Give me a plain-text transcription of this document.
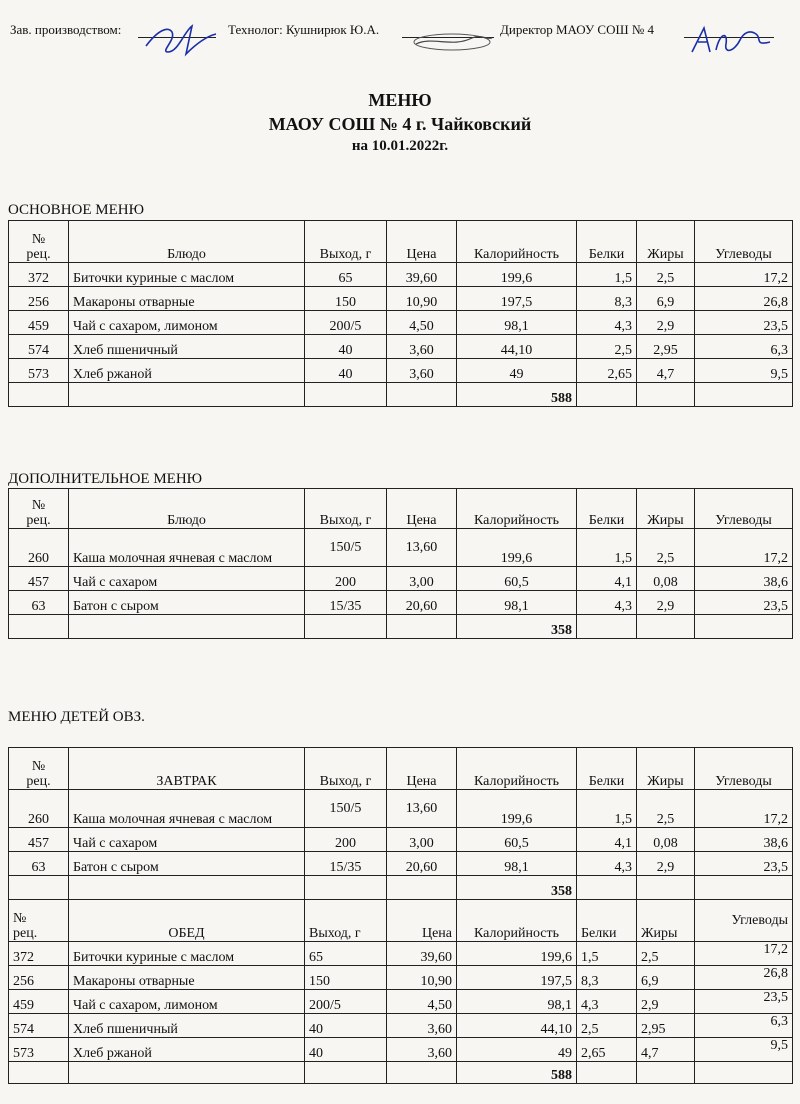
Зав. производством:	Технолог: Кушнирюк Ю.А.	Директор МАОУ СОШ № 4
МЕНЮ
МАОУ СОШ № 4 г. Чайковский
на 10.01.2022г.
ОСНОВНОЕ МЕНЮ
№
рец.	Блюдо	Выход, г	Цена	Калорийность	Белки	Жиры	Углеводы
372	Биточки куриные с маслом	65	39,60	199,6	1,5	2,5	17,2
256	Макароны отварные	150	10,90	197,5	8,3	6,9	26,8
459	Чай с сахаром, лимоном	200/5	4,50	98,1	4,3	2,9	23,5
574	Хлеб пшеничный	40	3,60	44,10	2,5	2,95	6,3
573	Хлеб ржаной	40	3,60	49	2,65	4,7	9,5
				588			
ДОПОЛНИТЕЛЬНОЕ МЕНЮ
№
рец.	Блюдо	Выход, г	Цена	Калорийность	Белки	Жиры	Углеводы
260	Каша молочная ячневая с маслом	150/5	13,60	199,6	1,5	2,5	17,2
457	Чай с сахаром	200	3,00	60,5	4,1	0,08	38,6
63	Батон с сыром	15/35	20,60	98,1	4,3	2,9	23,5
				358			
МЕНЮ ДЕТЕЙ ОВЗ.
№
рец.	ЗАВТРАК	Выход, г	Цена	Калорийность	Белки	Жиры	Углеводы
260	Каша молочная ячневая с маслом	150/5	13,60	199,6	1,5	2,5	17,2
457	Чай с сахаром	200	3,00	60,5	4,1	0,08	38,6
63	Батон с сыром	15/35	20,60	98,1	4,3	2,9	23,5
				358			
№
рец.	ОБЕД	Выход, г	Цена	Калорийность	Белки	Жиры	Углеводы
372	Биточки куриные с маслом	65	39,60	199,6	1,5	2,5	17,2
256	Макароны отварные	150	10,90	197,5	8,3	6,9	26,8
459	Чай с сахаром, лимоном	200/5	4,50	98,1	4,3	2,9	23,5
574	Хлеб пшеничный	40	3,60	44,10	2,5	2,95	6,3
573	Хлеб ржаной	40	3,60	49	2,65	4,7	9,5
				588			
